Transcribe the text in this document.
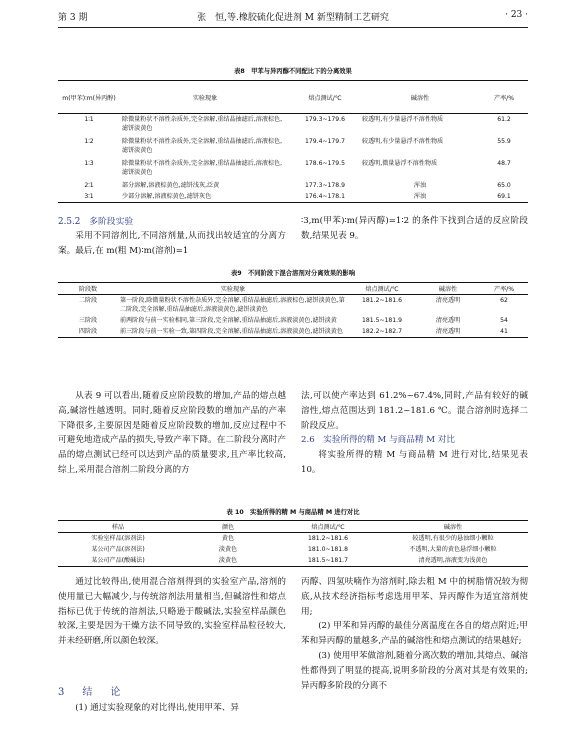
第 3 期	张　恒,等.橡胶硫化促进剂 M 新型精制工艺研究	· 23 ·
表8　甲苯与异丙醇不同配比下的分离效果
m(甲苯)∶m(异丙醇)	实验现象	熔点测试/℃	碱溶性	产率/%
1∶1	除微量粉状不溶性杂质外,完全溶解,重结晶抽滤后,溶液棕色,滤饼淡黄色	179.3~179.6	较透明,有少量悬浮不溶性物质	61.2
1∶2	除微量粉状不溶性杂质外,完全溶解,重结晶抽滤后,溶液棕色,滤饼淡黄色	179.4~179.7	较透明,有少量悬浮不溶性物质	55.9
1∶3	除微量粉状不溶性杂质外,完全溶解,重结晶抽滤后,溶液棕色,滤饼淡黄色	178.6~179.5	较透明,微量悬浮不溶性物质	48.7
2∶1	部分溶解,溶液棕黄色,滤饼浅灰,泛黄	177.3~178.9	浑浊	65.0
3∶1	少部分溶解,溶液棕黄色,滤饼灰色	176.4~178.1	浑浊	69.1
2.5.2　多阶段实验

采用不同溶剂比,不同溶剂量,从而找出较适宜的分离方案。最后,在 m(粗 M)∶m(溶剂)=1

∶3,m(甲苯)∶m(异丙醇)=1∶2 的条件下找到合适的反应阶段数,结果见表 9。

表9　不同阶段下混合溶剂对分离效果的影响
阶段数	实验现象	熔点测试/℃	碱溶性	产率/%
二阶段	第一阶段,除微量粉状不溶性杂质外,完全溶解,重结晶抽滤后,溶液棕色,滤饼淡黄色,第二阶段,完全溶解,重结晶抽滤后,溶液淡黄色,滤饼淡黄色	181.2~181.6	清亮透明	62
三阶段	前两阶段与前一实验相同,第三阶段,完全溶解,重结晶抽滤后,溶液淡黄色,滤饼淡黄	181.5~181.9	清亮透明	54
四阶段	前三阶段与前一实验一致,第四阶段,完全溶解,重结晶抽滤后,溶液淡黄色,滤饼淡黄色	182.2~182.7	清亮透明	41

从表 9 可以看出,随着反应阶段数的增加,产品的熔点越高,碱溶性越透明。同时,随着反应阶段数的增加产品的产率下降很多,主要原因是随着反应阶段数的增加,反应过程中不可避免地造成产品的损失,导致产率下降。在二阶段分离时产品的熔点测试已经可以达到产品的质量要求,且产率比较高,综上,采用混合溶剂二阶段分离的方

法,可以使产率达到 61.2%~67.4%,同时,产品有较好的碱溶性,熔点范围达到 181.2~181.6 ℃。混合溶剂时选择二阶段反应。

2.6　实验所得的精 M 与商品精 M 对比

将实验所得的精 M 与商品精 M 进行对比,结果见表 10。

表 10　实验所得的精 M 与商品精 M 进行对比
样品	颜色	熔点测试/℃	碱溶性
实验室样品(溶剂法)	黄色	181.2~181.6	较透明,有很少的悬浊细小颗粒
某公司产品(溶剂法)	淡黄色	181.0~181.8	不透明,大量的黄色悬浮细小颗粒
某公司产品(酸碱法)	淡黄色	181.5~181.7	清亮透明,溶液变为浅黄色

通过比较得出,使用混合溶剂得到的实验室产品,溶剂的使用量已大幅减少,与传统溶剂法用量相当,但碱溶性和熔点指标已优于传统的溶剂法,只略逊于酸碱法,实验室样品颜色较深,主要是因为干燥方法不同导致的,实验室样品粒径较大,并未经研磨,所以颜色较深。

3　结　论

(1) 通过实验现象的对比得出,使用甲苯、异

丙醇、四氢呋喃作为溶剂时,除去粗 M 中的树脂情况较为彻底,从技术经济指标考虑选用甲苯、异丙醇作为适宜溶剂使用;

(2) 甲苯和异丙醇的最佳分离温度在各自的熔点附近;甲苯和异丙醇的量越多,产品的碱溶性和熔点测试的结果越好;

(3) 使用甲苯做溶剂,随着分离次数的增加,其熔点、碱溶性都得到了明显的提高,说明多阶段的分离对其是有效果的;异丙醇多阶段的分离不
